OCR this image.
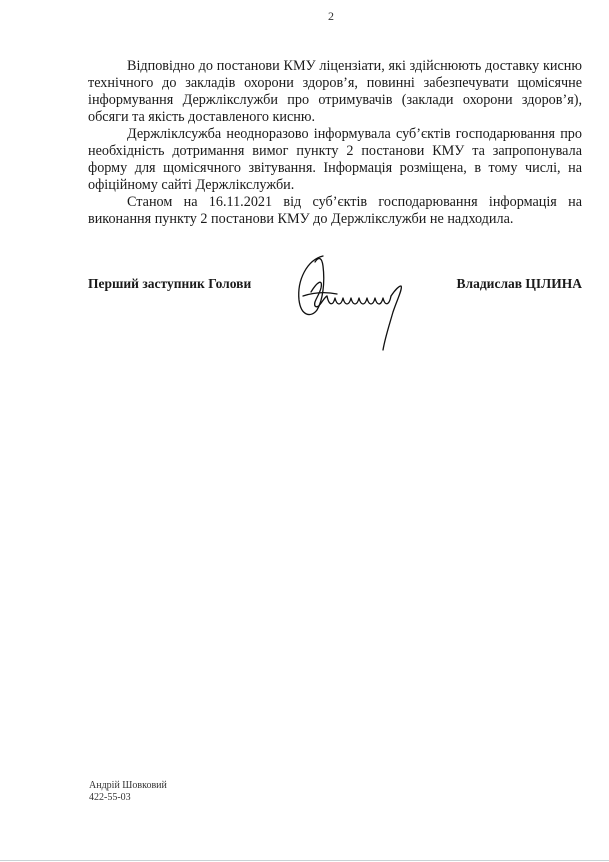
2

Відповідно до постанови КМУ ліцензіати, які здійснюють доставку кисню технічного до закладів охорони здоров’я, повинні забезпечувати щомісячне інформування Держлікслужби про отримувачів (заклади охорони здоров’я), обсяги та якість доставленого кисню.

Держліклсужба неодноразово інформувала суб’єктів господарювання про необхідність дотримання вимог пункту 2 постанови КМУ та запропонувала форму для щомісячного звітування. Інформація розміщена, в тому числі, на офіційному сайті Держлікслужби.

Станом на 16.11.2021 від суб’єктів господарювання інформація на виконання пункту 2 постанови КМУ до Держлікслужби не надходила.

Перший заступник Голови	Владислав ЦІЛИНА
Андрій Шовковий
422-55-03
